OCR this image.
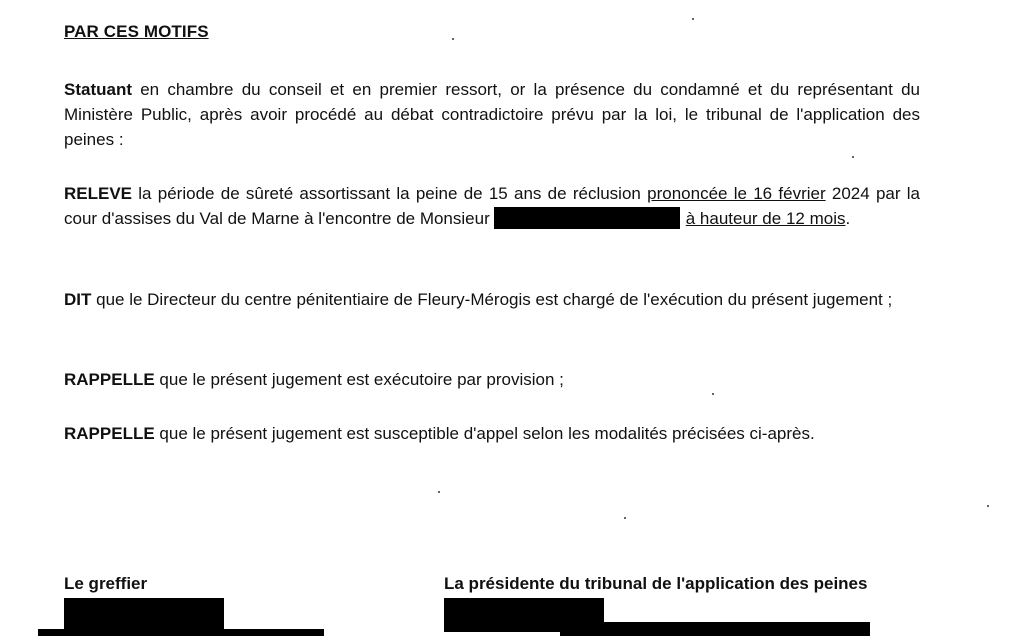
PAR CES MOTIFS
Statuant en chambre du conseil et en premier ressort, or la présence du condamné et du représentant du Ministère Public, après avoir procédé au débat contradictoire prévu par la loi, le tribunal de l'application des peines :
RELEVE la période de sûreté assortissant la peine de 15 ans de réclusion prononcée le 16 février 2024 par la cour d'assises du Val de Marne à l'encontre de Monsieur	à hauteur de 12 mois.
DIT que le Directeur du centre pénitentiaire de Fleury-Mérogis est chargé de l'exécution du présent jugement ;
RAPPELLE que le présent jugement est exécutoire par provision ;
RAPPELLE que le présent jugement est susceptible d'appel selon les modalités précisées ci-après.
Le greffier	La présidente du tribunal de l'application des peines
